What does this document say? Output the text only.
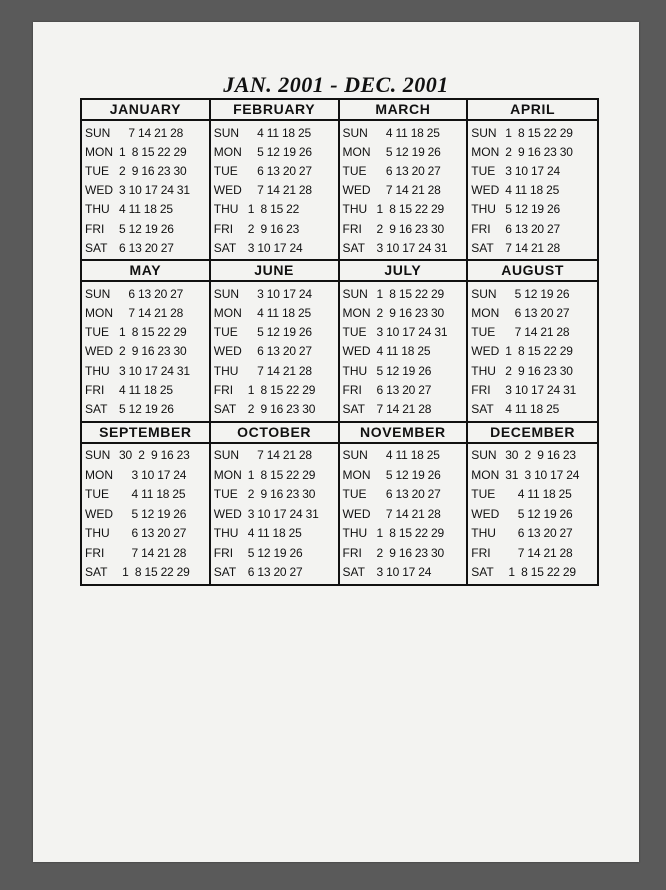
JAN. 2001 - DEC. 2001
JANUARY
SUN 7 14 21 28
MON 1  8 15 22 29
TUE 2  9 16 23 30
WED 3 10 17 24 31
THU 4 11 18 25
FRI	5 12 19 26
SAT 6 13 20 27
FEBRUARY
SUN 4 11 18 25
MON 5 12 19 26
TUE 6 13 20 27
WED 7 14 21 28
THU 1  8 15 22
FRI	2  9 16 23
SAT 3 10 17 24
MARCH
SUN 4 11 18 25
MON 5 12 19 26
TUE 6 13 20 27
WED 7 14 21 28
THU 1  8 15 22 29
FRI	2  9 16 23 30
SAT 3 10 17 24 31
APRIL
SUN 1  8 15 22 29
MON 2  9 16 23 30
TUE 3 10 17 24
WED 4 11 18 25
THU 5 12 19 26
FRI	6 13 20 27
SAT 7 14 21 28
MAY
SUN 6 13 20 27
MON 7 14 21 28
TUE 1  8 15 22 29
WED 2  9 16 23 30
THU 3 10 17 24 31
FRI	4 11 18 25
SAT 5 12 19 26
JUNE
SUN 3 10 17 24
MON 4 11 18 25
TUE 5 12 19 26
WED 6 13 20 27
THU 7 14 21 28
FRI	1  8 15 22 29
SAT 2  9 16 23 30
JULY
SUN 1  8 15 22 29
MON 2  9 16 23 30
TUE 3 10 17 24 31
WED 4 11 18 25
THU 5 12 19 26
FRI	6 13 20 27
SAT 7 14 21 28
AUGUST
SUN 5 12 19 26
MON 6 13 20 27
TUE 7 14 21 28
WED 1  8 15 22 29
THU 2  9 16 23 30
FRI	3 10 17 24 31
SAT 4 11 18 25
SEPTEMBER
SUN 30  2  9 16 23
MON 3 10 17 24
TUE 4 11 18 25
WED 5 12 19 26
THU 6 13 20 27
FRI	7 14 21 28
SAT 1  8 15 22 29
OCTOBER
SUN 7 14 21 28
MON 1  8 15 22 29
TUE 2  9 16 23 30
WED 3 10 17 24 31
THU 4 11 18 25
FRI	5 12 19 26
SAT 6 13 20 27
NOVEMBER
SUN 4 11 18 25
MON 5 12 19 26
TUE 6 13 20 27
WED 7 14 21 28
THU 1  8 15 22 29
FRI	2  9 16 23 30
SAT 3 10 17 24
DECEMBER
SUN 30  2  9 16 23
MON 31  3 10 17 24
TUE 4 11 18 25
WED 5 12 19 26
THU 6 13 20 27
FRI	7 14 21 28
SAT 1  8 15 22 29
